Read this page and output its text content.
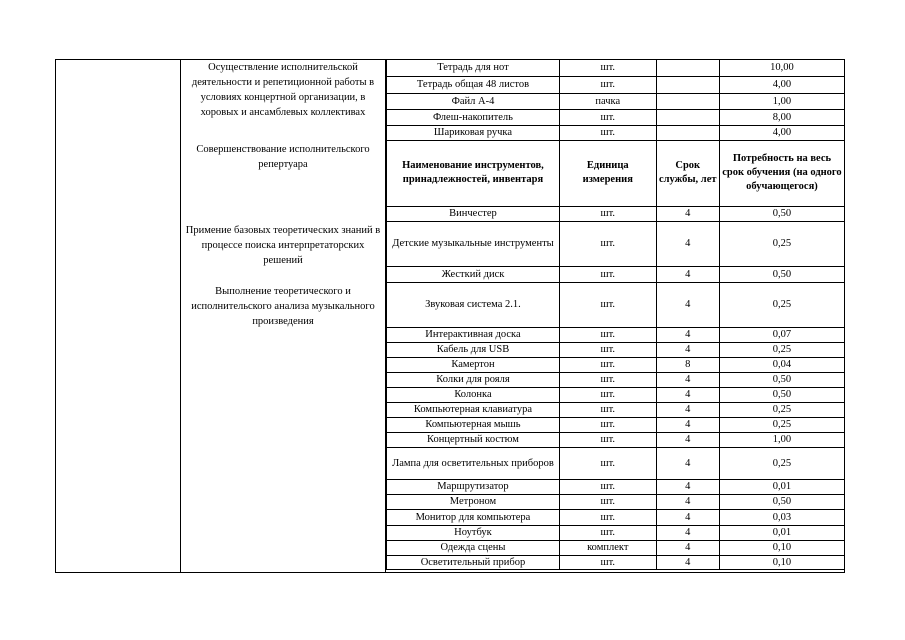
Осуществление исполнительской деятельности и репетиционной работы в условиях концертной организации, в хоровых и ансамблевых коллективах

Совершенствование исполнительского репертуара

Примение базовых теоретических знаний в процессе поиска интерпретаторских решений

Выполнение теоретического и исполнительского анализа музыкального произведения

Тетрадь для нот	шт.		10,00
Тетрадь общая 48 листов	шт.		4,00
Файл А-4	пачка		1,00
Флеш-накопитель	шт.		8,00
Шариковая ручка	шт.		4,00
Наименование инструментов, принадлежностей, инвентаря	Единица измерения	Срок службы, лет	Потребность на весь срок обучения (на одного обучающегося)
Винчестер	шт.	4	0,50
Детские музыкальные инструменты	шт.	4	0,25
Жесткий диск	шт.	4	0,50
Звуковая система 2.1.	шт.	4	0,25
Интерактивная доска	шт.	4	0,07
Кабель для USB	шт.	4	0,25
Камертон	шт.	8	0,04
Колки для рояля	шт.	4	0,50
Колонка	шт.	4	0,50
Компьютерная клавиатура	шт.	4	0,25
Компьютерная мышь	шт.	4	0,25
Концертный костюм	шт.	4	1,00
Лампа для осветительных приборов	шт.	4	0,25
Маршрутизатор	шт.	4	0,01
Метроном	шт.	4	0,50
Монитор для компьютера	шт.	4	0,03
Ноутбук	шт.	4	0,01
Одежда сцены	комплект	4	0,10
Осветительный прибор	шт.	4	0,10
